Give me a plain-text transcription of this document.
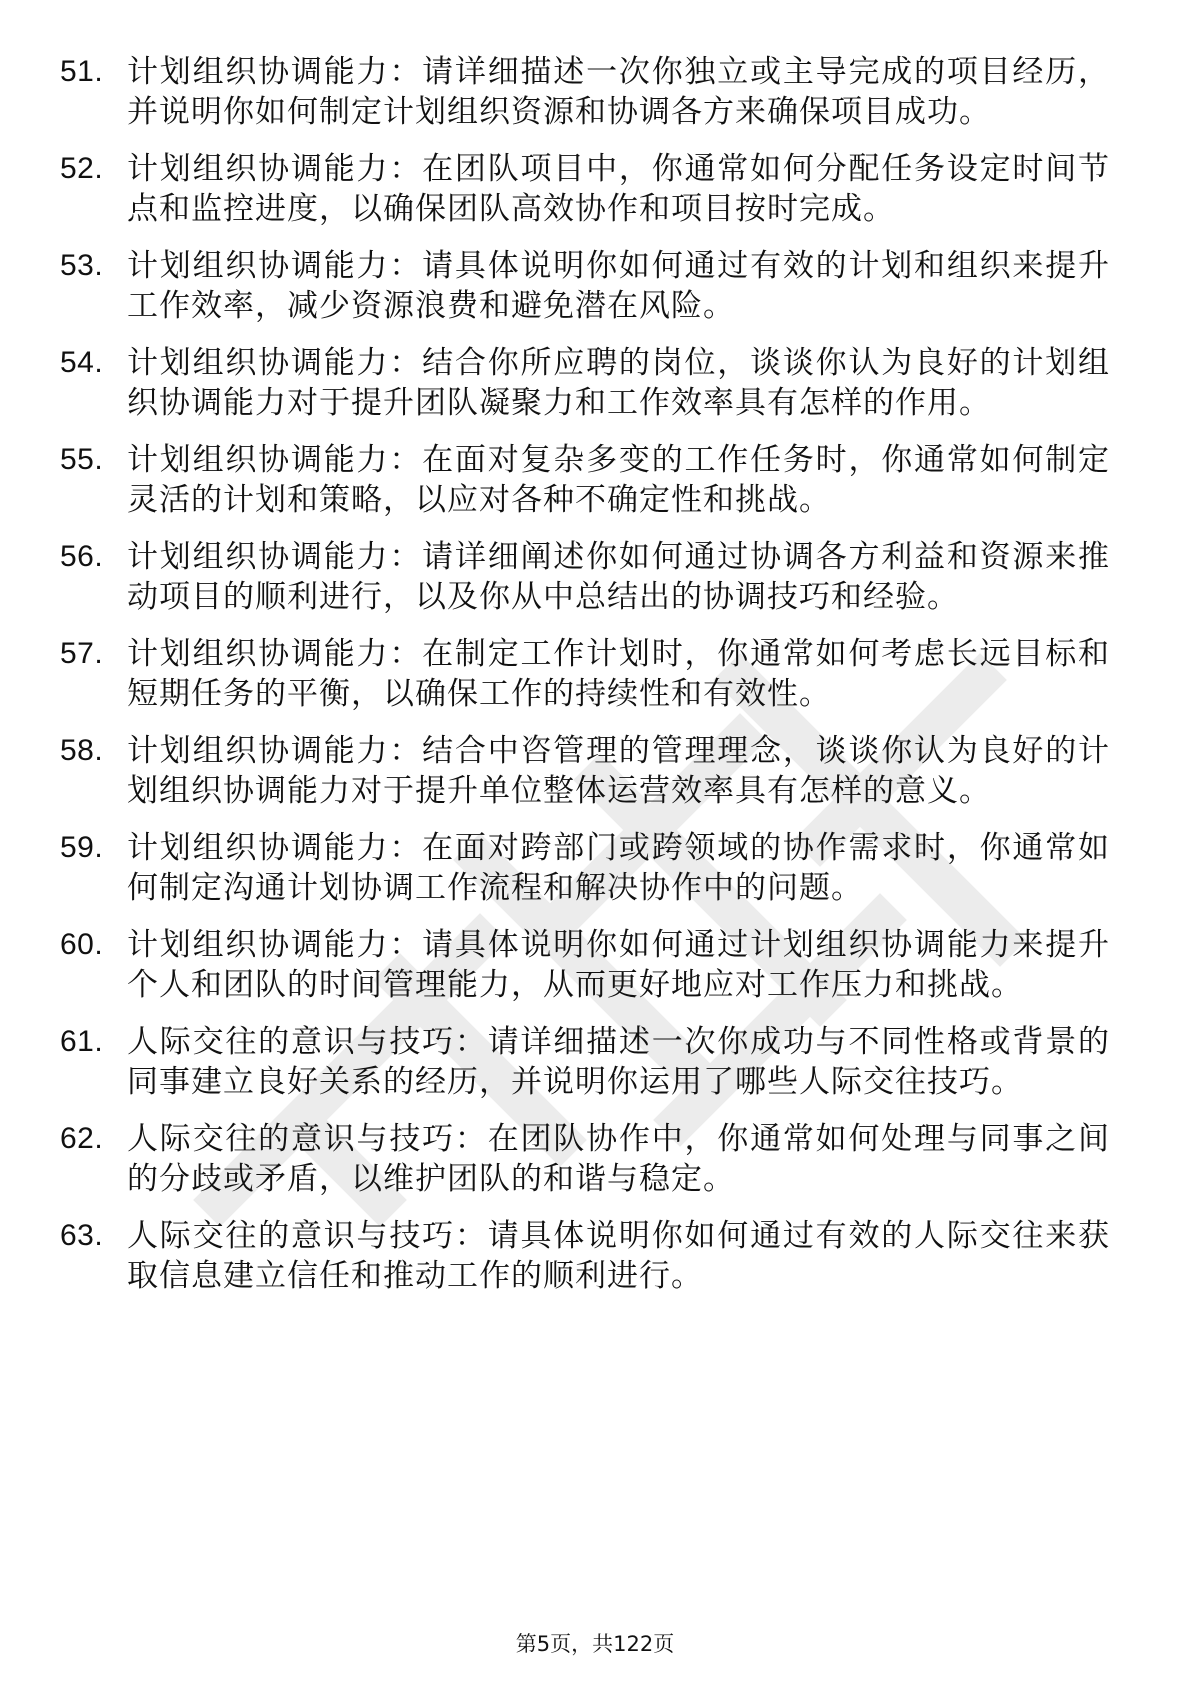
51. 计划组织协调能力：请详细描述一次你独立或主导完成的项目经历，并说明你如何制定计划组织资源和协调各方来确保项目成功。
52. 计划组织协调能力：在团队项目中，你通常如何分配任务设定时间节点和监控进度，以确保团队高效协作和项目按时完成。
53. 计划组织协调能力：请具体说明你如何通过有效的计划和组织来提升工作效率，减少资源浪费和避免潜在风险。
54. 计划组织协调能力：结合你所应聘的岗位，谈谈你认为良好的计划组织协调能力对于提升团队凝聚力和工作效率具有怎样的作用。
55. 计划组织协调能力：在面对复杂多变的工作任务时，你通常如何制定灵活的计划和策略，以应对各种不确定性和挑战。
56. 计划组织协调能力：请详细阐述你如何通过协调各方利益和资源来推动项目的顺利进行，以及你从中总结出的协调技巧和经验。
57. 计划组织协调能力：在制定工作计划时，你通常如何考虑长远目标和短期任务的平衡，以确保工作的持续性和有效性。
58. 计划组织协调能力：结合中咨管理的管理理念，谈谈你认为良好的计划组织协调能力对于提升单位整体运营效率具有怎样的意义。
59. 计划组织协调能力：在面对跨部门或跨领域的协作需求时，你通常如何制定沟通计划协调工作流程和解决协作中的问题。
60. 计划组织协调能力：请具体说明你如何通过计划组织协调能力来提升个人和团队的时间管理能力，从而更好地应对工作压力和挑战。
61. 人际交往的意识与技巧：请详细描述一次你成功与不同性格或背景的同事建立良好关系的经历，并说明你运用了哪些人际交往技巧。
62. 人际交往的意识与技巧：在团队协作中，你通常如何处理与同事之间的分歧或矛盾，以维护团队的和谐与稳定。
63. 人际交往的意识与技巧：请具体说明你如何通过有效的人际交往来获取信息建立信任和推动工作的顺利进行。
第5页，共122页
